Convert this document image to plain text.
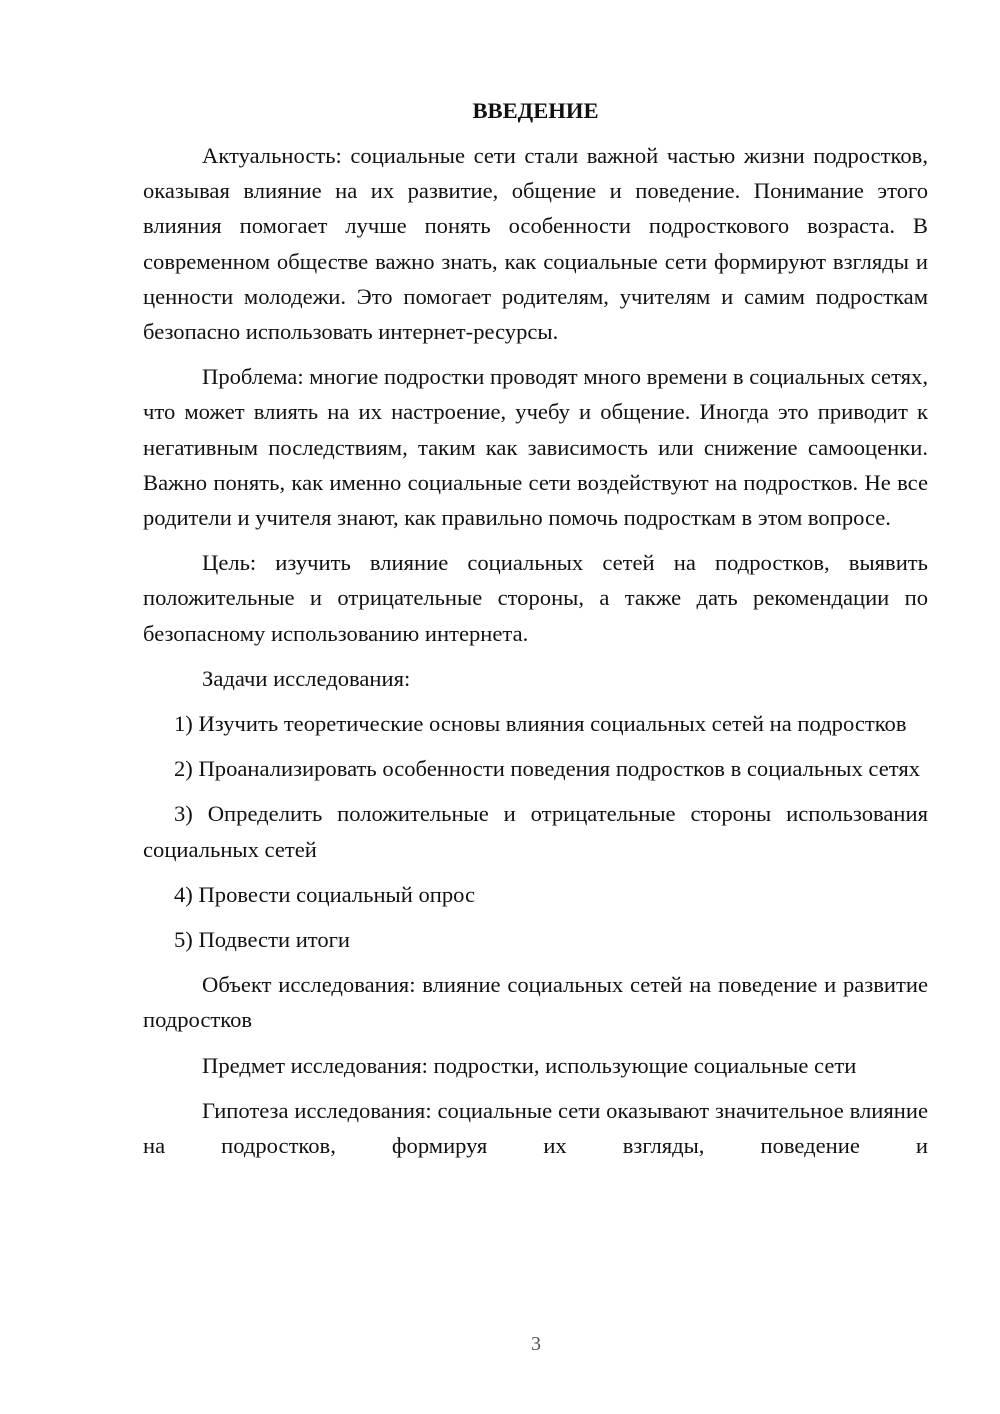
ВВЕДЕНИЕ

Актуальность: социальные сети стали важной частью жизни подростков, оказывая влияние на их развитие, общение и поведение. Понимание этого влияния помогает лучше понять особенности подросткового возраста. В современном обществе важно знать, как социальные сети формируют взгляды и ценности молодежи. Это помогает родителям, учителям и самим подросткам безопасно использовать интернет-ресурсы.

Проблема: многие подростки проводят много времени в социальных сетях, что может влиять на их настроение, учебу и общение. Иногда это приводит к негативным последствиям, таким как зависимость или снижение самооценки. Важно понять, как именно социальные сети воздействуют на подростков. Не все родители и учителя знают, как правильно помочь подросткам в этом вопросе.

Цель: изучить влияние социальных сетей на подростков, выявить положительные и отрицательные стороны, а также дать рекомендации по безопасному использованию интернета.

Задачи исследования:

1) Изучить теоретические основы влияния социальных сетей на подростков

2) Проанализировать особенности поведения подростков в социальных сетях

3) Определить положительные и отрицательные стороны использования социальных сетей

4) Провести социальный опрос

5) Подвести итоги

Объект исследования: влияние социальных сетей на поведение и развитие подростков

Предмет исследования: подростки, использующие социальные сети

Гипотеза исследования: социальные сети оказывают значительное влияние на подростков, формируя их взгляды, поведение и

3
